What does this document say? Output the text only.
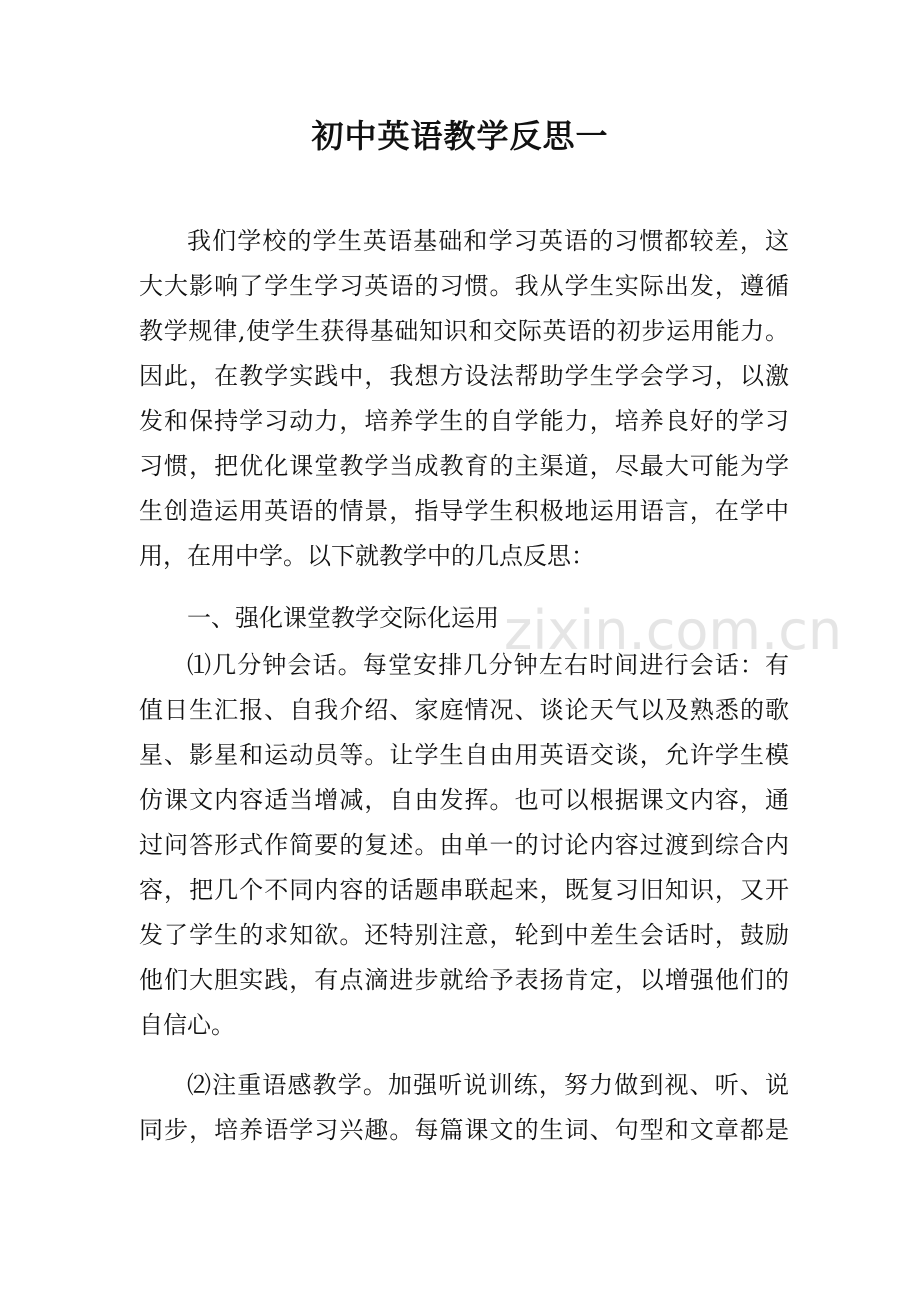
初中英语教学反思一
我们学校的学生英语基础和学习英语的习惯都较差，这
大大影响了学生学习英语的习惯。我从学生实际出发，遵循
教学规律,使学生获得基础知识和交际英语的初步运用能力。
因此，在教学实践中，我想方设法帮助学生学会学习，以激
发和保持学习动力，培养学生的自学能力，培养良好的学习
习惯，把优化课堂教学当成教育的主渠道，尽最大可能为学
生创造运用英语的情景，指导学生积极地运用语言，在学中
用，在用中学。以下就教学中的几点反思：
一、强化课堂教学交际化运用
⑴几分钟会话。每堂安排几分钟左右时间进行会话：有
值日生汇报、自我介绍、家庭情况、谈论天气以及熟悉的歌
星、影星和运动员等。让学生自由用英语交谈，允许学生模
仿课文内容适当增减，自由发挥。也可以根据课文内容，通
过问答形式作简要的复述。由单一的讨论内容过渡到综合内
容，把几个不同内容的话题串联起来，既复习旧知识，又开
发了学生的求知欲。还特别注意，轮到中差生会话时，鼓励
他们大胆实践，有点滴进步就给予表扬肯定，以增强他们的
自信心。
⑵注重语感教学。加强听说训练，努力做到视、听、说
同步，培养语学习兴趣。每篇课文的生词、句型和文章都是
zixin.com.cn
